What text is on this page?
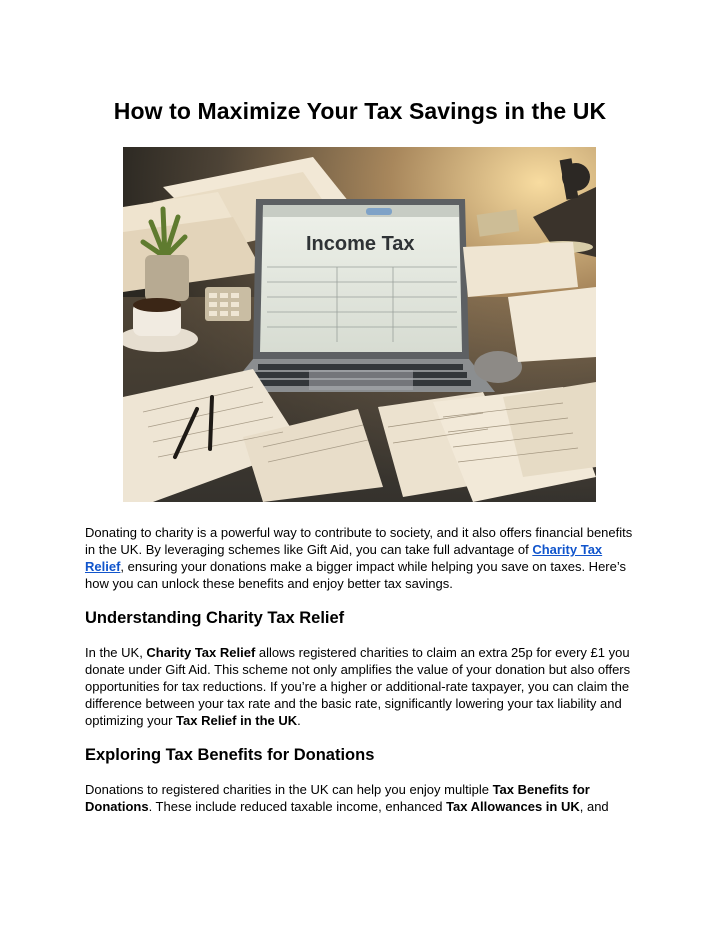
How to Maximize Your Tax Savings in the UK
Income Tax

Donating to charity is a powerful way to contribute to society, and it also offers financial benefits in the UK. By leveraging schemes like Gift Aid, you can take full advantage of Charity Tax Relief, ensuring your donations make a bigger impact while helping you save on taxes. Here’s how you can unlock these benefits and enjoy better tax savings.

Understanding Charity Tax Relief

In the UK, Charity Tax Relief allows registered charities to claim an extra 25p for every £1 you donate under Gift Aid. This scheme not only amplifies the value of your donation but also offers opportunities for tax reductions. If you’re a higher or additional-rate taxpayer, you can claim the difference between your tax rate and the basic rate, significantly lowering your tax liability and optimizing your Tax Relief in the UK.

Exploring Tax Benefits for Donations

Donations to registered charities in the UK can help you enjoy multiple Tax Benefits for Donations. These include reduced taxable income, enhanced Tax Allowances in UK, and
